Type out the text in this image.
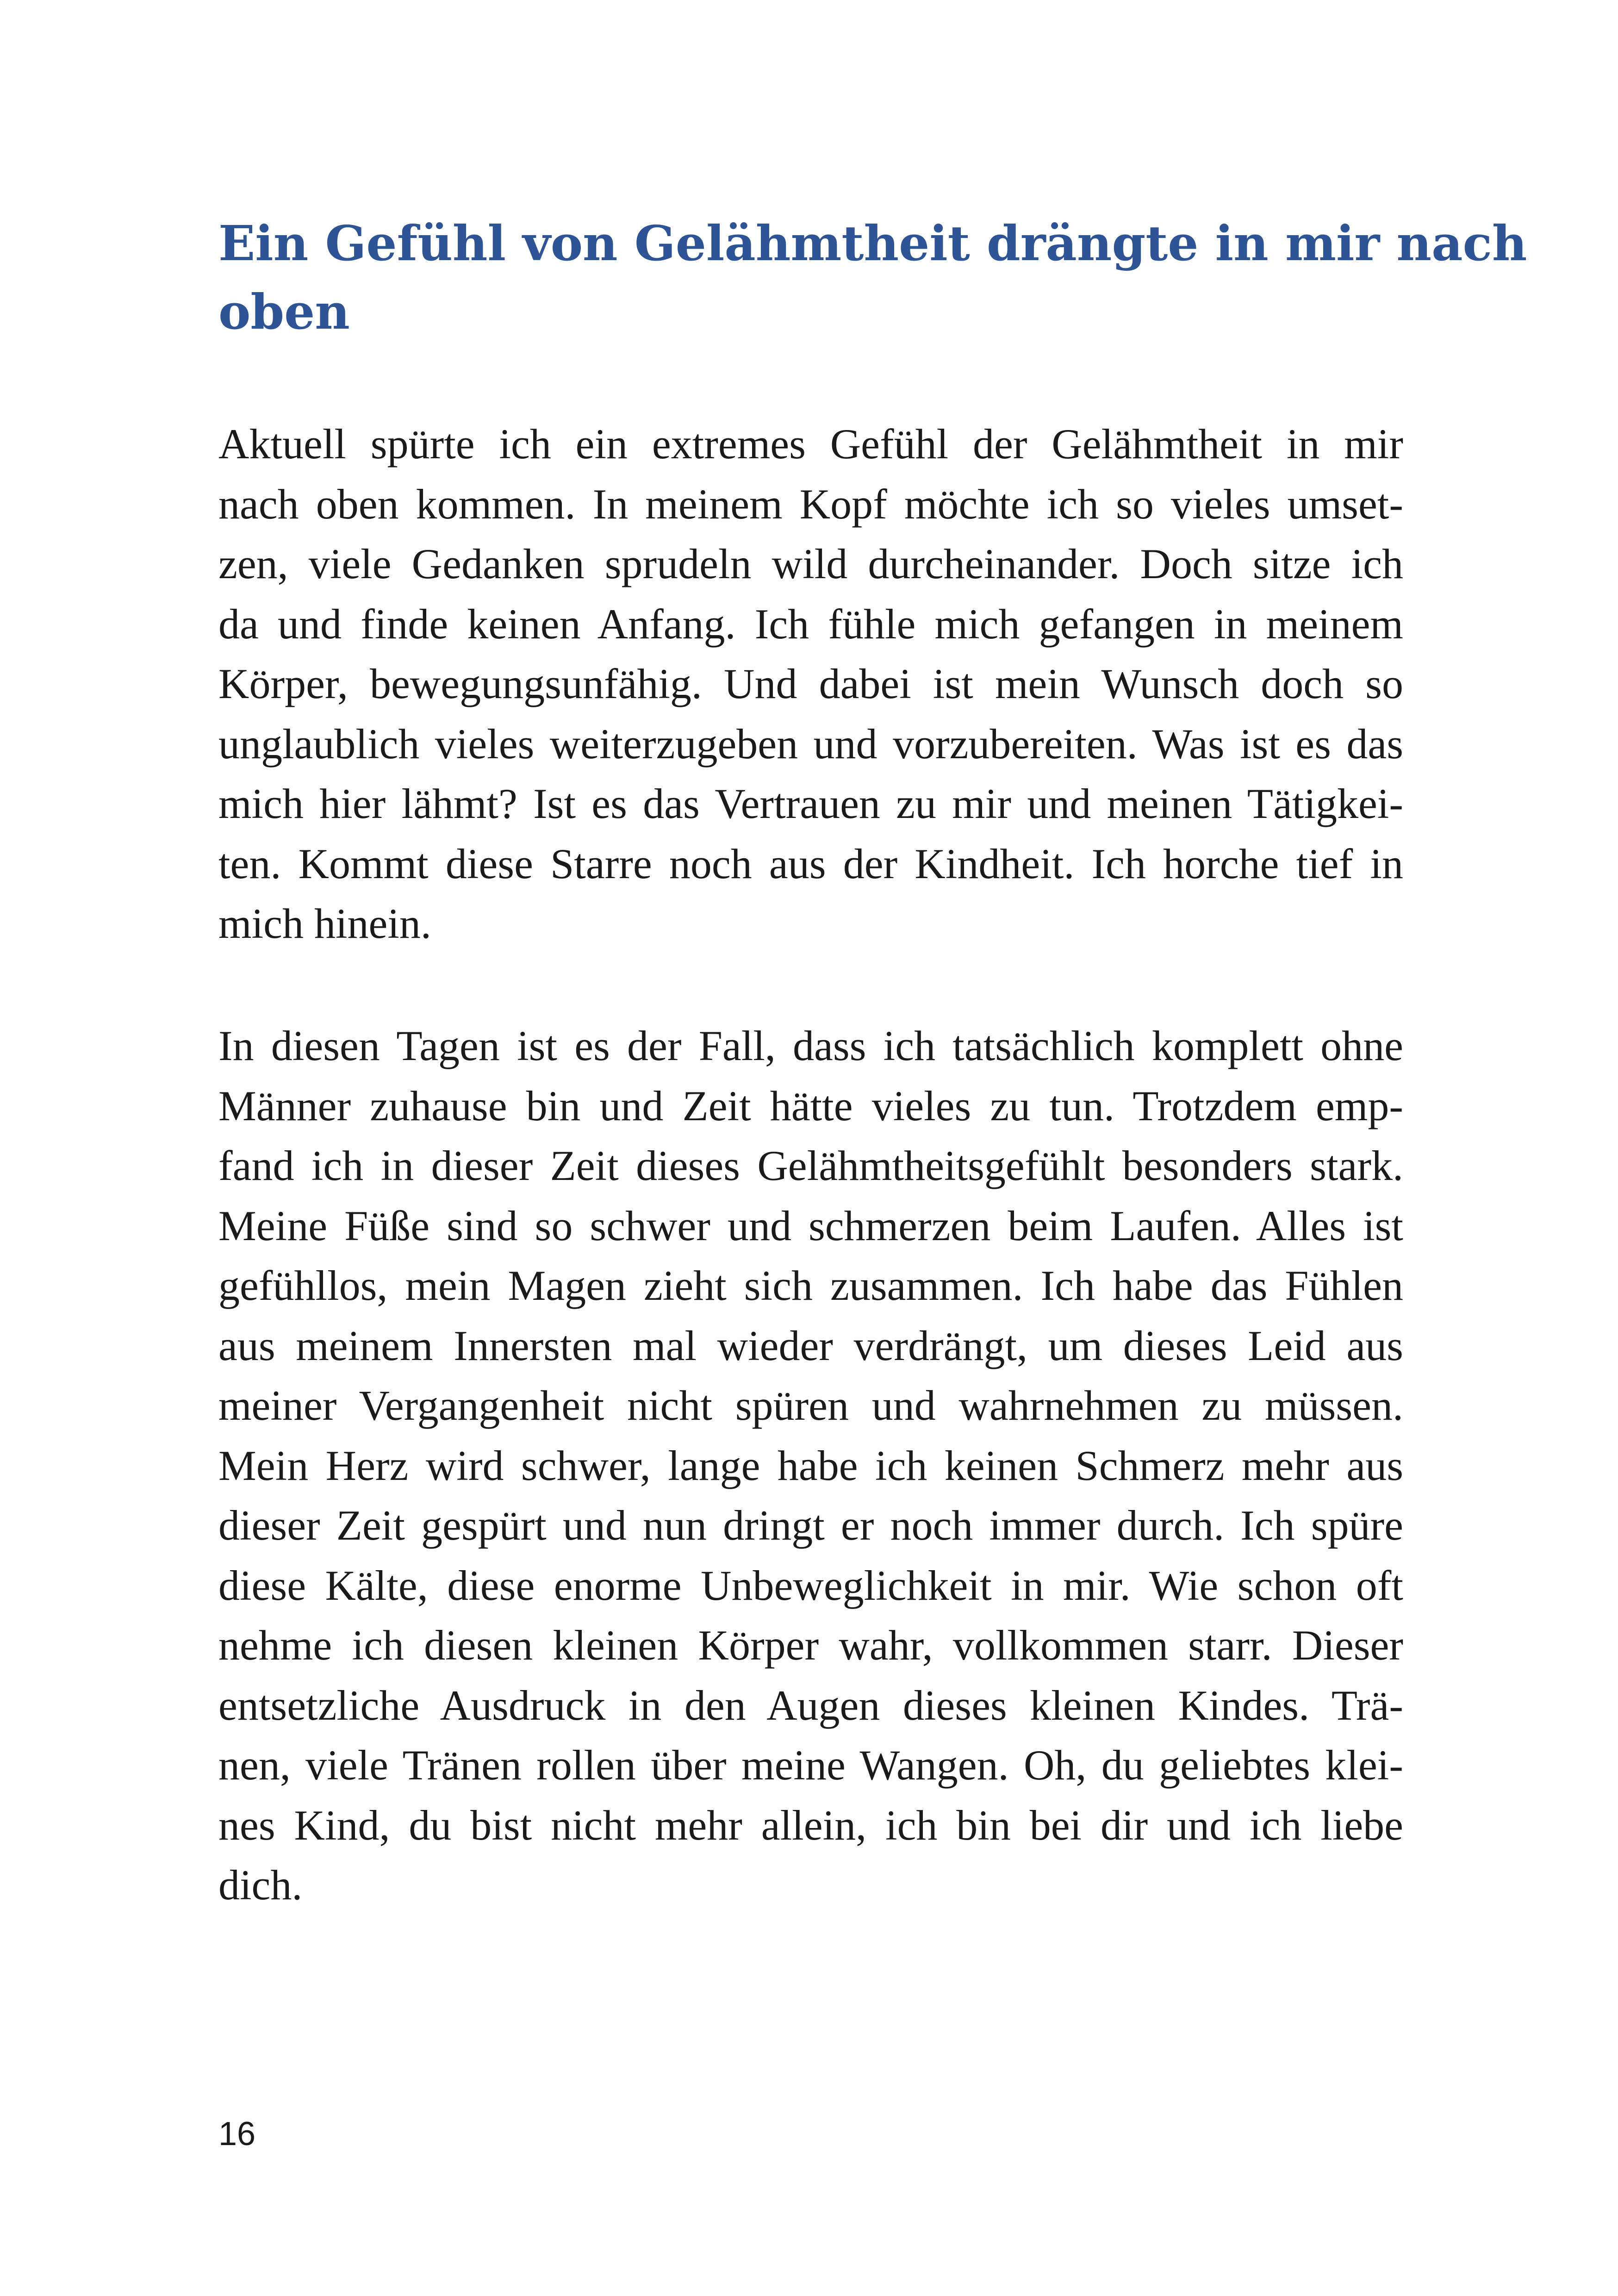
Ein Gefühl von Gelähmtheit drängte in mir nach
oben

Aktuell spürte ich ein extremes Gefühl der Gelähmtheit in mir
nach oben kommen. In meinem Kopf möchte ich so vieles umset-
zen, viele Gedanken sprudeln wild durcheinander. Doch sitze ich
da und finde keinen Anfang. Ich fühle mich gefangen in meinem
Körper, bewegungsunfähig. Und dabei ist mein Wunsch doch so
unglaublich vieles weiterzugeben und vorzubereiten. Was ist es das
mich hier lähmt? Ist es das Vertrauen zu mir und meinen Tätigkei-
ten. Kommt diese Starre noch aus der Kindheit. Ich horche tief in
mich hinein.

In diesen Tagen ist es der Fall, dass ich tatsächlich komplett ohne
Männer zuhause bin und Zeit hätte vieles zu tun. Trotzdem emp-
fand ich in dieser Zeit dieses Gelähmtheitsgefühlt besonders stark.
Meine Füße sind so schwer und schmerzen beim Laufen. Alles ist
gefühllos, mein Magen zieht sich zusammen. Ich habe das Fühlen
aus meinem Innersten mal wieder verdrängt, um dieses Leid aus
meiner Vergangenheit nicht spüren und wahrnehmen zu müssen.
Mein Herz wird schwer, lange habe ich keinen Schmerz mehr aus
dieser Zeit gespürt und nun dringt er noch immer durch. Ich spüre
diese Kälte, diese enorme Unbeweglichkeit in mir. Wie schon oft
nehme ich diesen kleinen Körper wahr, vollkommen starr. Dieser
entsetzliche Ausdruck in den Augen dieses kleinen Kindes. Trä-
nen, viele Tränen rollen über meine Wangen. Oh, du geliebtes klei-
nes Kind, du bist nicht mehr allein, ich bin bei dir und ich liebe
dich.

16
